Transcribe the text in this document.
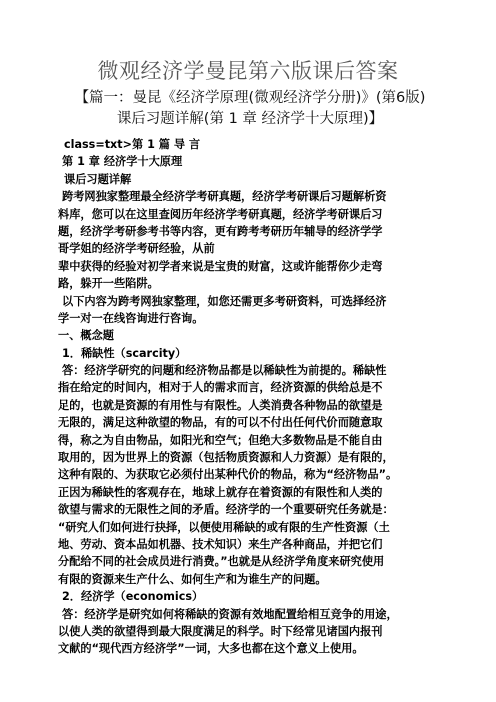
微观经济学曼昆第六版课后答案
【篇一：曼昆《经济学原理(微观经济学分册)》(第6版)
课后习题详解(第 1 章 经济学十大原理)】
class=txt>第 1 篇 导 言
第 1 章 经济学十大原理
课后习题详解
跨考网独家整理最全经济学考研真题，经济学考研课后习题解析资
料库，您可以在这里查阅历年经济学考研真题，经济学考研课后习
题，经济学考研参考书等内容，更有跨考考研历年辅导的经济学学
哥学姐的经济学考研经验，从前
辈中获得的经验对初学者来说是宝贵的财富，这或许能帮你少走弯
路，躲开一些陷阱。
以下内容为跨考网独家整理，如您还需更多考研资料，可选择经济
学一对一在线咨询进行咨询。
一、概念题
1．稀缺性（scarcity）
答：经济学研究的问题和经济物品都是以稀缺性为前提的。稀缺性
指在给定的时间内，相对于人的需求而言，经济资源的供给总是不
足的，也就是资源的有用性与有限性。人类消费各种物品的欲望是
无限的，满足这种欲望的物品，有的可以不付出任何代价而随意取
得，称之为自由物品，如阳光和空气；但绝大多数物品是不能自由
取用的，因为世界上的资源（包括物质资源和人力资源）是有限的，
这种有限的、为获取它必须付出某种代价的物品，称为“经济物品”。
正因为稀缺性的客观存在，地球上就存在着资源的有限性和人类的
欲望与需求的无限性之间的矛盾。经济学的一个重要研究任务就是：
“研究人们如何进行抉择，以便使用稀缺的或有限的生产性资源（土
地、劳动、资本品如机器、技术知识）来生产各种商品，并把它们
分配给不同的社会成员进行消费。”也就是从经济学角度来研究使用
有限的资源来生产什么、如何生产和为谁生产的问题。
2．经济学（economics）
答：经济学是研究如何将稀缺的资源有效地配置给相互竞争的用途，
以使人类的欲望得到最大限度满足的科学。时下经常见诸国内报刊
文献的“现代西方经济学”一词，大多也都在这个意义上使用。
